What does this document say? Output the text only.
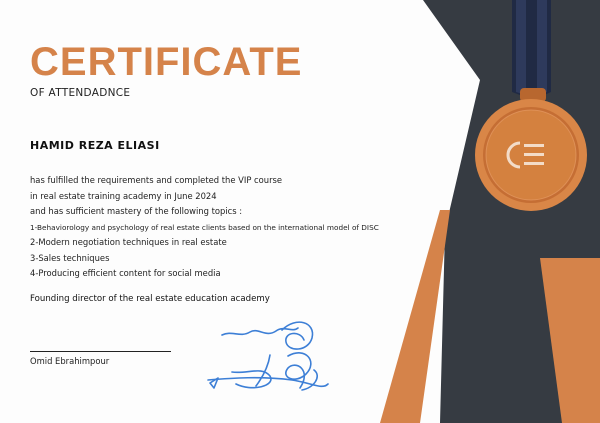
CERTIFICATE
OF ATTENDADNCE
HAMID REZA ELIASI
has fulfilled the requirements and completed the VIP course
in real estate training academy in June 2024
and has sufficient mastery of the following topics :
1-Behaviorology and psychology of real estate clients based on the international model of DISC
2-Modern negotiation techniques in real estate
3-Sales techniques
4-Producing efficient content for social media
Founding director of the real estate education academy
Omid Ebrahimpour
